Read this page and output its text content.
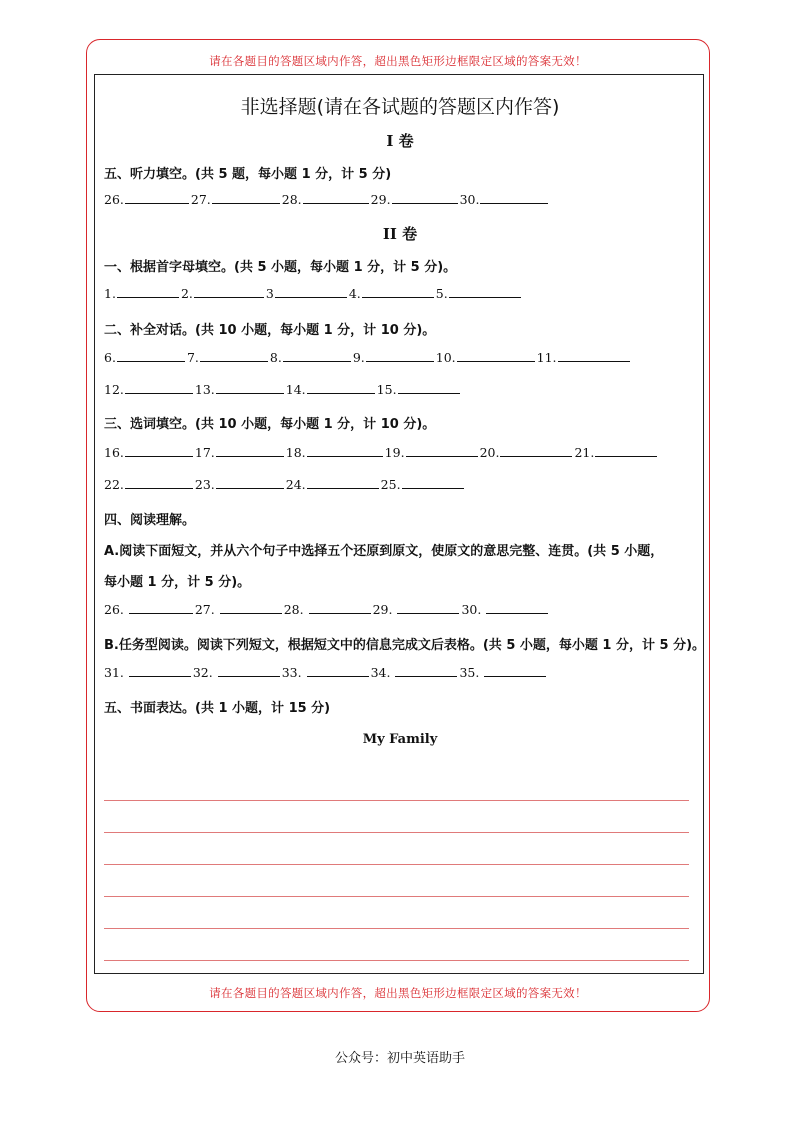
请在各题目的答题区域内作答，超出黑色矩形边框限定区域的答案无效！
非选择题(请在各试题的答题区内作答)
I 卷
五、听力填空。(共 5 题，每小题 1 分，计 5 分)
26.	27.	28.	29.	30.
II 卷
一、根据首字母填空。(共 5 小题，每小题 1 分，计 5 分)。
1.	2.	3	4.	5.
二、补全对话。(共 10 小题，每小题 1 分，计 10 分)。
6.	7.	8.	9.	10.	11.
12.	13.	14.	15.
三、选词填空。(共 10 小题，每小题 1 分，计 10 分)。
16.	17.	18.	19.	20.	21.
22.	23.	24.	25.
四、阅读理解。
A.阅读下面短文，并从六个句子中选择五个还原到原文，使原文的意思完整、连贯。(共 5 小题，
每小题 1 分，计 5 分)。
26.	27.	28.	29.	30.
B.任务型阅读。阅读下列短文，根据短文中的信息完成文后表格。(共 5 小题，每小题 1 分，计 5 分)。
31.	32.	33.	34.	35.
五、书面表达。(共 1 小题，计 15 分)
My Family
请在各题目的答题区域内作答，超出黑色矩形边框限定区域的答案无效！
公众号：初中英语助手
